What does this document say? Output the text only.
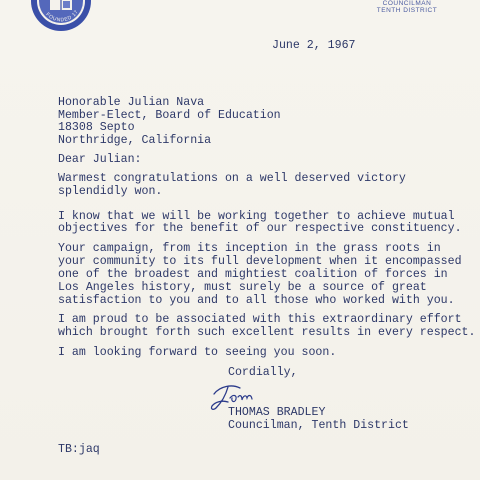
FOUNDED 17
COUNCILMAN
TENTH DISTRICT
June 2, 1967
Honorable Julian Nava
Member-Elect, Board of Education
18308 Septo
Northridge, California
Dear Julian:
Warmest congratulations on a well deserved victory
splendidly won.
I know that we will be working together to achieve mutual
objectives for the benefit of our respective constituency.
Your campaign, from its inception in the grass roots in
your community to its full development when it encompassed
one of the broadest and mightiest coalition of forces in
Los Angeles history, must surely be a source of great
satisfaction to you and to all those who worked with you.
I am proud to be associated with this extraordinary effort
which brought forth such excellent results in every respect.
I am looking forward to seeing you soon.
Cordially,
THOMAS BRADLEY
Councilman, Tenth District
TB:jaq
